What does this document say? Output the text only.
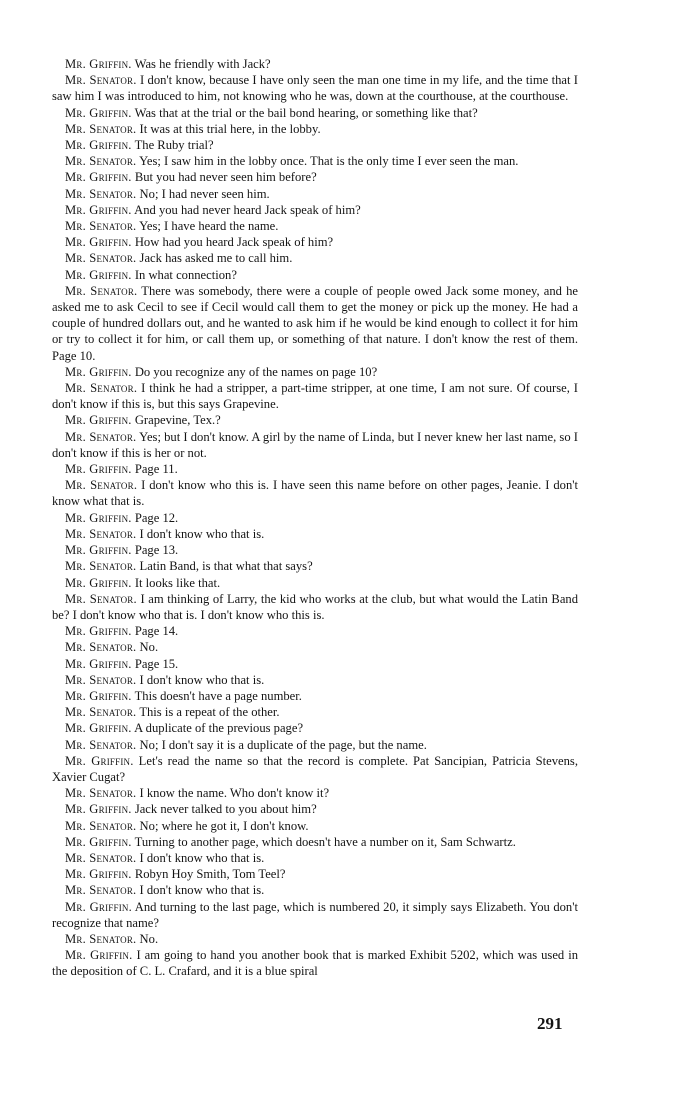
Mr. Griffin. Was he friendly with Jack?

Mr. Senator. I don't know, because I have only seen the man one time in my life, and the time that I saw him I was introduced to him, not knowing who he was, down at the courthouse, at the courthouse.

Mr. Griffin. Was that at the trial or the bail bond hearing, or something like that?

Mr. Senator. It was at this trial here, in the lobby.

Mr. Griffin. The Ruby trial?

Mr. Senator. Yes; I saw him in the lobby once. That is the only time I ever seen the man.

Mr. Griffin. But you had never seen him before?

Mr. Senator. No; I had never seen him.

Mr. Griffin. And you had never heard Jack speak of him?

Mr. Senator. Yes; I have heard the name.

Mr. Griffin. How had you heard Jack speak of him?

Mr. Senator. Jack has asked me to call him.

Mr. Griffin. In what connection?

Mr. Senator. There was somebody, there were a couple of people owed Jack some money, and he asked me to ask Cecil to see if Cecil would call them to get the money or pick up the money. He had a couple of hundred dollars out, and he wanted to ask him if he would be kind enough to collect it for him or try to collect it for him, or call them up, or something of that nature. I don't know the rest of them. Page 10.

Mr. Griffin. Do you recognize any of the names on page 10?

Mr. Senator. I think he had a stripper, a part-time stripper, at one time, I am not sure. Of course, I don't know if this is, but this says Grapevine.

Mr. Griffin. Grapevine, Tex.?

Mr. Senator. Yes; but I don't know. A girl by the name of Linda, but I never knew her last name, so I don't know if this is her or not.

Mr. Griffin. Page 11.

Mr. Senator. I don't know who this is. I have seen this name before on other pages, Jeanie. I don't know what that is.

Mr. Griffin. Page 12.

Mr. Senator. I don't know who that is.

Mr. Griffin. Page 13.

Mr. Senator. Latin Band, is that what that says?

Mr. Griffin. It looks like that.

Mr. Senator. I am thinking of Larry, the kid who works at the club, but what would the Latin Band be? I don't know who that is. I don't know who this is.

Mr. Griffin. Page 14.

Mr. Senator. No.

Mr. Griffin. Page 15.

Mr. Senator. I don't know who that is.

Mr. Griffin. This doesn't have a page number.

Mr. Senator. This is a repeat of the other.

Mr. Griffin. A duplicate of the previous page?

Mr. Senator. No; I don't say it is a duplicate of the page, but the name.

Mr. Griffin. Let's read the name so that the record is complete. Pat Sancipian, Patricia Stevens, Xavier Cugat?

Mr. Senator. I know the name. Who don't know it?

Mr. Griffin. Jack never talked to you about him?

Mr. Senator. No; where he got it, I don't know.

Mr. Griffin. Turning to another page, which doesn't have a number on it, Sam Schwartz.

Mr. Senator. I don't know who that is.

Mr. Griffin. Robyn Hoy Smith, Tom Teel?

Mr. Senator. I don't know who that is.

Mr. Griffin. And turning to the last page, which is numbered 20, it simply says Elizabeth. You don't recognize that name?

Mr. Senator. No.

Mr. Griffin. I am going to hand you another book that is marked Exhibit 5202, which was used in the deposition of C. L. Crafard, and it is a blue spiral

291
